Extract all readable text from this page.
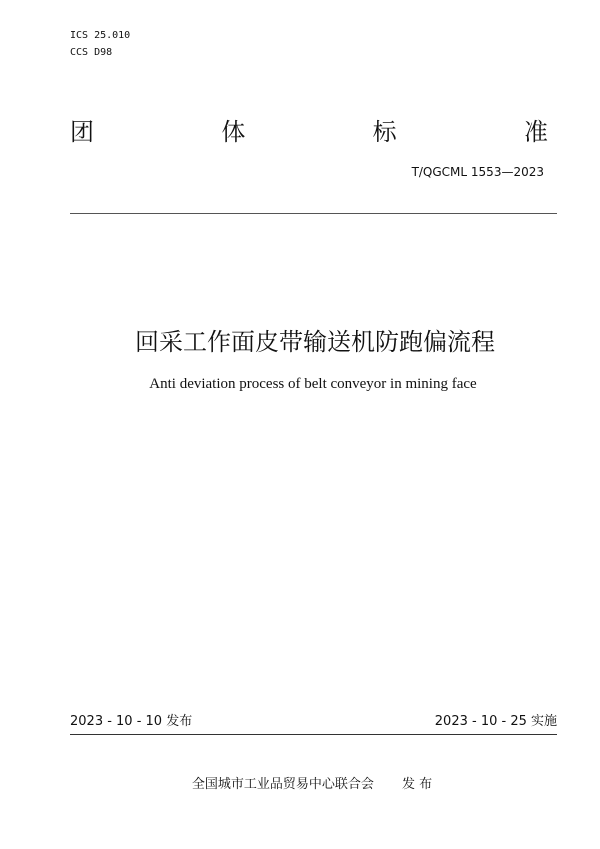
ICS 25.010
CCS D98
团	体	标	准
T/QGCML 1553—2023
回采工作面皮带输送机防跑偏流程
Anti deviation process of belt conveyor in mining face
2023 - 10 - 10 发布	2023 - 10 - 25 实施
全国城市工业品贸易中心联合会 发 布
